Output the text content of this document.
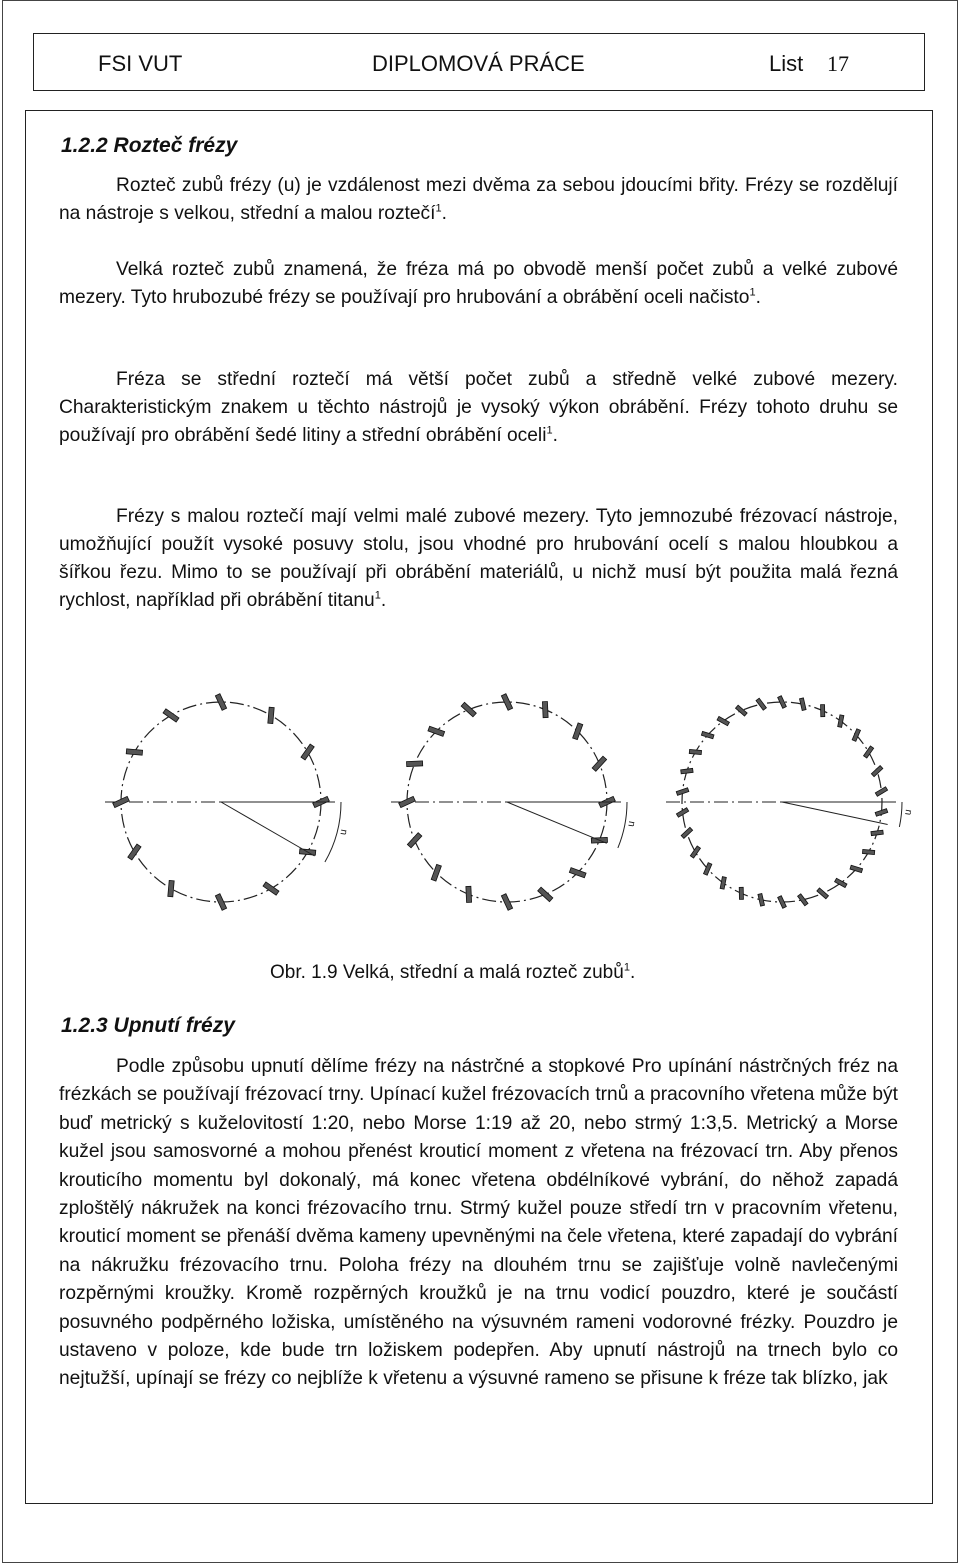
FSI VUT	DIPLOMOVÁ PRÁCE	List 17
1.2.2 Rozteč frézy

Rozteč zubů frézy (u) je vzdálenost mezi dvěma za sebou jdoucími břity. Frézy se rozdělují na nástroje s velkou, střední a malou roztečí$^1$.

Velká rozteč zubů znamená, že fréza má po obvodě menší počet zubů a velké zubové mezery. Tyto hrubozubé frézy se používají pro hrubování a obrábění oceli načisto$^1$.

Fréza se střední roztečí má větší počet zubů a středně velké zubové mezery. Charakteristickým znakem u těchto nástrojů je vysoký výkon obrábění. Frézy tohoto druhu se používají pro obrábění šedé litiny a střední obrábění oceli$^1$.

Frézy s malou roztečí mají velmi malé zubové mezery. Tyto jemnozubé frézovací nástroje, umožňující použít vysoké posuvy stolu, jsou vhodné pro hrubování ocelí s malou hloubkou a šířkou řezu. Mimo to se používají při obrábění materiálů, u nichž musí být použita malá řezná rychlost, například při obrábění titanu$^1$.

u
u
u
Obr. 1.9 Velká, střední a malá rozteč zubů$^1$.
1.2.3 Upnutí frézy

Podle způsobu upnutí dělíme frézy na nástrčné a stopkové Pro upínání nástrčných fréz na frézkách se používají frézovací trny. Upínací kužel frézovacích trnů a pracovního vřetena může být buď metrický s kuželovitostí 1:20, nebo Morse 1:19 až 20, nebo strmý 1:3,5. Metrický a Morse kužel jsou samosvorné a mohou přenést krouticí moment z vřetena na frézovací trn. Aby přenos krouticího momentu byl dokonalý, má konec vřetena obdélníkové vybrání, do něhož zapadá zploštělý nákružek na konci frézovacího trnu. Strmý kužel pouze středí trn v pracovním vřetenu, krouticí moment se přenáší dvěma kameny upevněnými na čele vřetena, které zapadají do vybrání na nákružku frézovacího trnu. Poloha frézy na dlouhém trnu se zajišťuje volně navlečenými rozpěrnými kroužky. Kromě rozpěrných kroužků je na trnu vodicí pouzdro, které je součástí posuvného podpěrného ložiska, umístěného na výsuvném rameni vodorovné frézky. Pouzdro je ustaveno v poloze, kde bude trn ložiskem podepřen. Aby upnutí nástrojů na trnech bylo co nejtužší, upínají se frézy co nejblíže k vřetenu a výsuvné rameno se přisune k fréze tak blízko, jak
